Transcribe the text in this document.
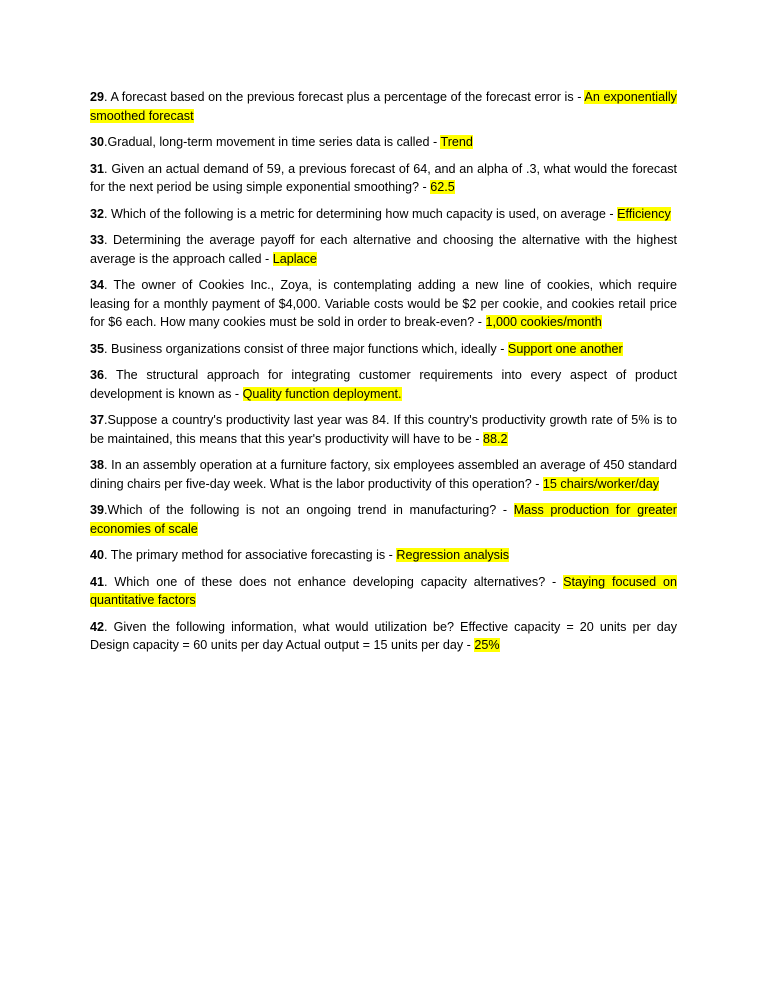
29. A forecast based on the previous forecast plus a percentage of the forecast error is - An exponentially smoothed forecast

30.Gradual, long-term movement in time series data is called - Trend

31. Given an actual demand of 59, a previous forecast of 64, and an alpha of .3, what would the forecast for the next period be using simple exponential smoothing? - 62.5

32. Which of the following is a metric for determining how much capacity is used, on average - Efficiency

33. Determining the average payoff for each alternative and choosing the alternative with the highest average is the approach called - Laplace

34. The owner of Cookies Inc., Zoya, is contemplating adding a new line of cookies, which require leasing for a monthly payment of $4,000. Variable costs would be $2 per cookie, and cookies retail price for $6 each. How many cookies must be sold in order to break-even? - 1,000 cookies/month

35. Business organizations consist of three major functions which, ideally - Support one another

36. The structural approach for integrating customer requirements into every aspect of product development is known as - Quality function deployment.

37.Suppose a country's productivity last year was 84. If this country's productivity growth rate of 5% is to be maintained, this means that this year's productivity will have to be - 88.2

38. In an assembly operation at a furniture factory, six employees assembled an average of 450 standard dining chairs per five-day week. What is the labor productivity of this operation? - 15 chairs/worker/day

39.Which of the following is not an ongoing trend in manufacturing? - Mass production for greater economies of scale

40. The primary method for associative forecasting is - Regression analysis

41. Which one of these does not enhance developing capacity alternatives? - Staying focused on quantitative factors

42. Given the following information, what would utilization be? Effective capacity = 20 units per day Design capacity = 60 units per day Actual output = 15 units per day - 25%
